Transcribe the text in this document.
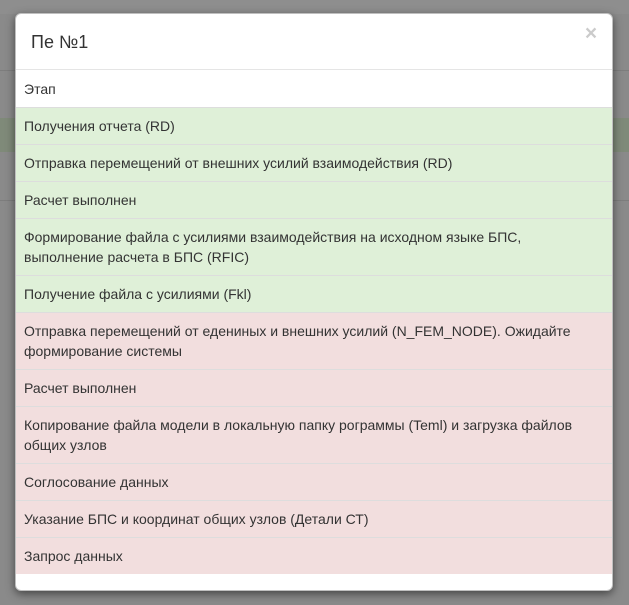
Пе №1	×
Этап
Получения отчета (RD)
Отправка перемещений от внешних усилий взаимодействия (RD)
Расчет выполнен
Формирование файла с усилиями взаимодействия на исходном языке БПС, выполнение расчета в БПС (RFIC)
Получение файла с усилиями (Fkl)
Отправка перемещений от едениных и внешних усилий (N_FEM_NODE). Ожидайте формирование системы
Расчет выполнен
Копирование файла модели в локальную папку рограммы (Teml) и загрузка файлов общих узлов
Соглосование данных
Указание БПС и координат общих узлов (Детали СТ)
Запрос данных
